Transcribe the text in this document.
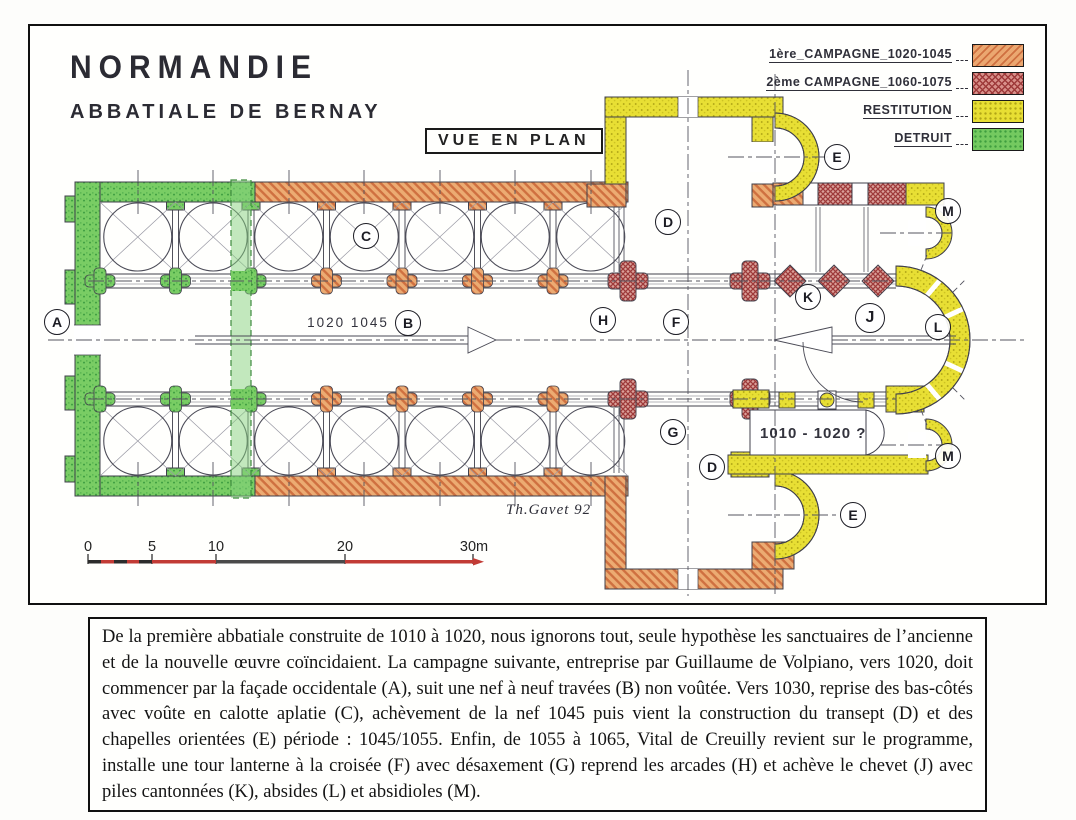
NORMANDIE
ABBATIALE DE BERNAY
VUE EN PLAN
1ère_CAMPAGNE_1020-1045
2ème CAMPAGNE_1060-1075
RESTITUTION
DETRUIT
A	B
C
D
D
E
E
F
G
H	J
K
L
M
M
1020 1045
1010 - 1020 ?
Th.Gavet 92
0	5	10	20	30m

De la première abbatiale construite de 1010 à 1020, nous ignorons tout, seule hypothèse les sanctuaires de l’ancienne et de la nouvelle œuvre coïncidaient. La campagne suivante, entreprise par Guillaume de Volpiano, vers 1020, doit commencer par la façade occidentale (A), suit une nef à neuf travées (B) non voûtée. Vers 1030, reprise des bas-côtés avec voûte en calotte aplatie (C), achèvement de la nef 1045 puis vient la construction du transept (D) et des chapelles orientées (E) période : 1045/1055. Enfin, de 1055 à 1065, Vital de Creuilly revient sur le programme, installe une tour lanterne à la croisée (F) avec désaxement (G) reprend les arcades (H) et achève le chevet (J) avec piles cantonnées (K), absides (L) et absidioles (M).
